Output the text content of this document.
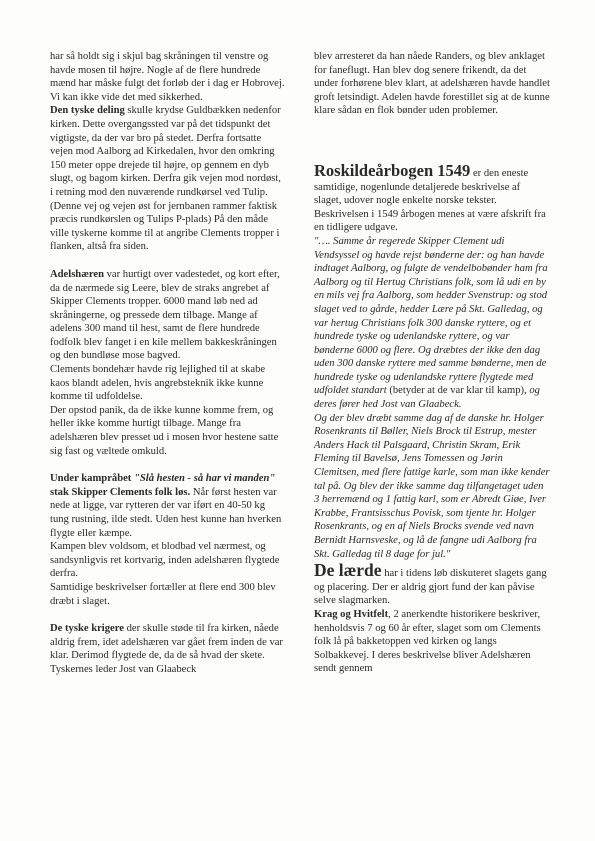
har så holdt sig i skjul bag skråningen til venstre og havde mosen til højre. Nogle af de flere hundrede mænd har måske fulgt det forløb der i dag er Hobrovej. Vi kan ikke vide det med sikkerhed.

Den tyske deling skulle krydse Guldbækken nedenfor kirken. Dette overgangssted var på det tidspunkt det vigtigste, da der var bro på stedet. Derfra fortsatte vejen mod Aalborg ad Kirkedalen, hvor den omkring 150 meter oppe drejede til højre, op gennem en dyb slugt, og bagom kirken. Derfra gik vejen mod nordøst, i retning mod den nuværende rundkørsel ved Tulip. (Denne vej og vejen øst for jernbanen rammer faktisk præcis rundkørslen og Tulips P-plads) På den måde ville tyskerne komme til at angribe Clements tropper i flanken, altså fra siden.

Adelshæren var hurtigt over vadestedet, og kort efter, da de nærmede sig Leere, blev de straks angrebet af Skipper Clements tropper. 6000 mand løb ned ad skråningerne, og pressede dem tilbage. Mange af adelens 300 mand til hest, samt de flere hundrede fodfolk blev fanget i en kile mellem bakkeskråningen og den bundløse mose bagved.

Clements bondehær havde rig lejlighed til at skabe kaos blandt adelen, hvis angrebsteknik ikke kunne komme til udfoldelse.

Der opstod panik, da de ikke kunne komme frem, og heller ikke komme hurtigt tilbage. Mange fra adelshæren blev presset ud i mosen hvor hestene satte sig fast og væltede omkuld.

Under kampråbet "Slå hesten - så har vi manden" stak Skipper Clements folk løs. Når først hesten var nede at ligge, var rytteren der var iført en 40-50 kg tung rustning, ilde stedt. Uden hest kunne han hverken flygte eller kæmpe.

Kampen blev voldsom, et blodbad vel nærmest, og sandsynligvis ret kortvarig, inden adelshæren flygtede derfra.

Samtidige beskrivelser fortæller at flere end 300 blev dræbt i slaget.

De tyske krigere der skulle støde til fra kirken, nåede aldrig frem, idet adelshæren var gået frem inden de var klar. Derimod flygtede de, da de så hvad der skete. Tyskernes leder Jost van Glaabeck

blev arresteret da han nåede Randers, og blev anklaget for faneflugt. Han blev dog senere frikendt, da det under forhørene blev klart, at adelshæren havde handlet groft letsindigt. Adelen havde forestillet sig at de kunne klare sådan en flok bønder uden problemer.

Roskildeårbogen 1549 er den eneste samtidige, nogenlunde detaljerede beskrivelse af slaget, udover nogle enkelte norske tekster. Beskrivelsen i 1549 årbogen menes at være afskrift fra en tidligere udgave.

"…. Samme år regerede Skipper Clement udi Vendsyssel og havde rejst bønderne der: og han havde indtaget Aalborg, og fulgte de vendelbobønder ham fra Aalborg og til Hertug Christians folk, som lå udi en by en mils vej fra Aalborg, som hedder Svenstrup: og stod slaget ved to gårde, hedder Lære på Skt. Galledag, og var hertug Christians folk 300 danske ryttere, og et hundrede tyske og udenlandske ryttere, og var bønderne 6000 og flere. Og dræbtes der ikke den dag uden 300 danske ryttere med samme bønderne, men de hundrede tyske og udenlandske ryttere flygtede med udfoldet standart (betyder at de var klar til kamp), og deres fører hed Jost van Glaabeck.

Og der blev dræbt samme dag af de danske hr. Holger Rosenkrants til Bøller, Niels Brock til Estrup, mester Anders Hack til Palsgaard, Christin Skram, Erik Fleming til Bavelsø, Jens Tomessen og Jørin Clemitsen, med flere fattige karle, som man ikke kender tal på. Og blev der ikke samme dag tilfangetaget uden 3 herremænd og 1 fattig karl, som er Abredt Giøe, Iver Krabbe, Frantsisschus Povisk, som tjente hr. Holger Rosenkrants, og en af Niels Brocks svende ved navn Bernidt Harnsveske, og lå de fangne udi Aalborg fra Skt. Galledag til 8 dage for jul."

De lærde har i tidens løb diskuteret slagets gang og placering. Der er aldrig gjort fund der kan påvise selve slagmarken.

Krag og Hvitfelt, 2 anerkendte historikere beskriver, henholdsvis 7 og 60 år efter, slaget som om Clements folk lå på bakketoppen ved kirken og langs Solbakkevej. I deres beskrivelse bliver Adelshæren sendt gennem
